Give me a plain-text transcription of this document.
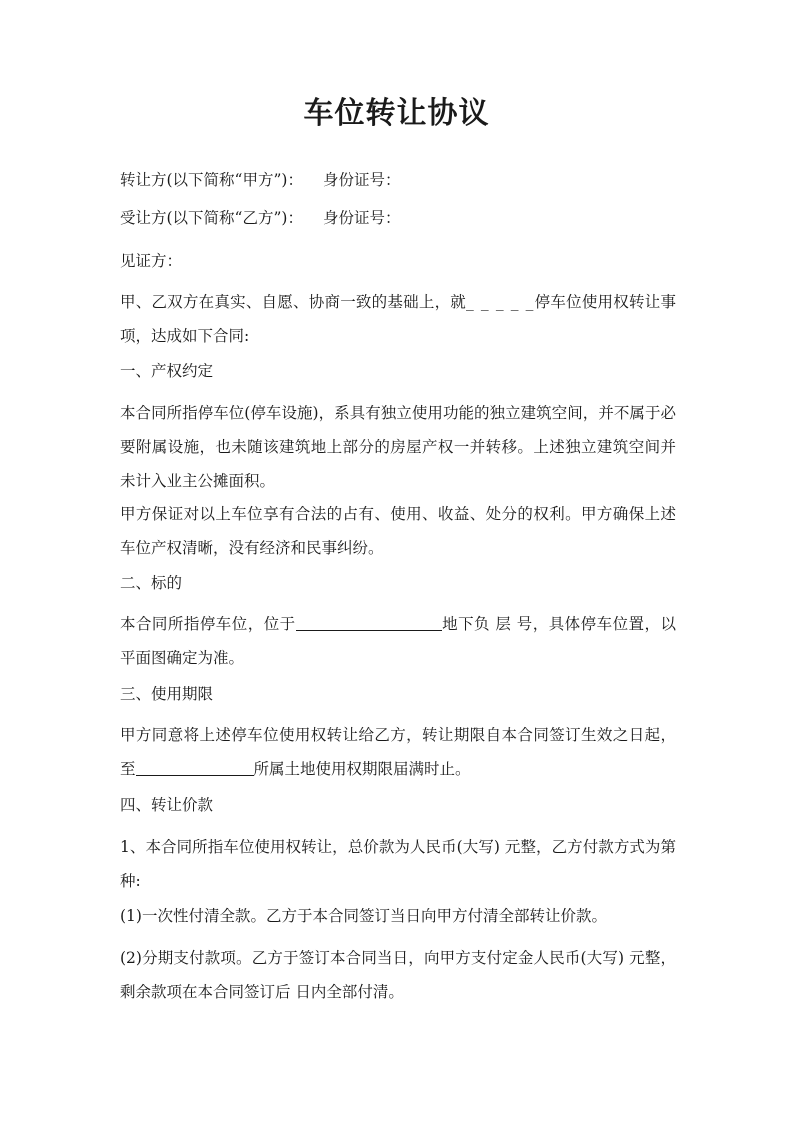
车位转让协议
转让方(以下简称“甲方”)： 身份证号：
受让方(以下简称“乙方”)： 身份证号：
见证方：
甲、乙双方在真实、自愿、协商一致的基础上，就_ _ _ _ _停车位使用权转让事项，达成如下合同:
一、产权约定
本合同所指停车位(停车设施)，系具有独立使用功能的独立建筑空间，并不属于必要附属设施，也未随该建筑地上部分的房屋产权一并转移。上述独立建筑空间并未计入业主公摊面积。
甲方保证对以上车位享有合法的占有、使用、收益、处分的权利。甲方确保上述车位产权清晰，没有经济和民事纠纷。
二、标的
本合同所指停车位，位于	地下负 层 号，具体停车位置，以平面图确定为准。
三、使用期限
甲方同意将上述停车位使用权转让给乙方，转让期限自本合同签订生效之日起，至	所属土地使用权期限届满时止。
四、转让价款
1、本合同所指车位使用权转让，总价款为人民币(大写) 元整，乙方付款方式为第 种:
(1)一次性付清全款。乙方于本合同签订当日向甲方付清全部转让价款。
(2)分期支付款项。乙方于签订本合同当日，向甲方支付定金人民币(大写) 元整，剩余款项在本合同签订后 日内全部付清。
